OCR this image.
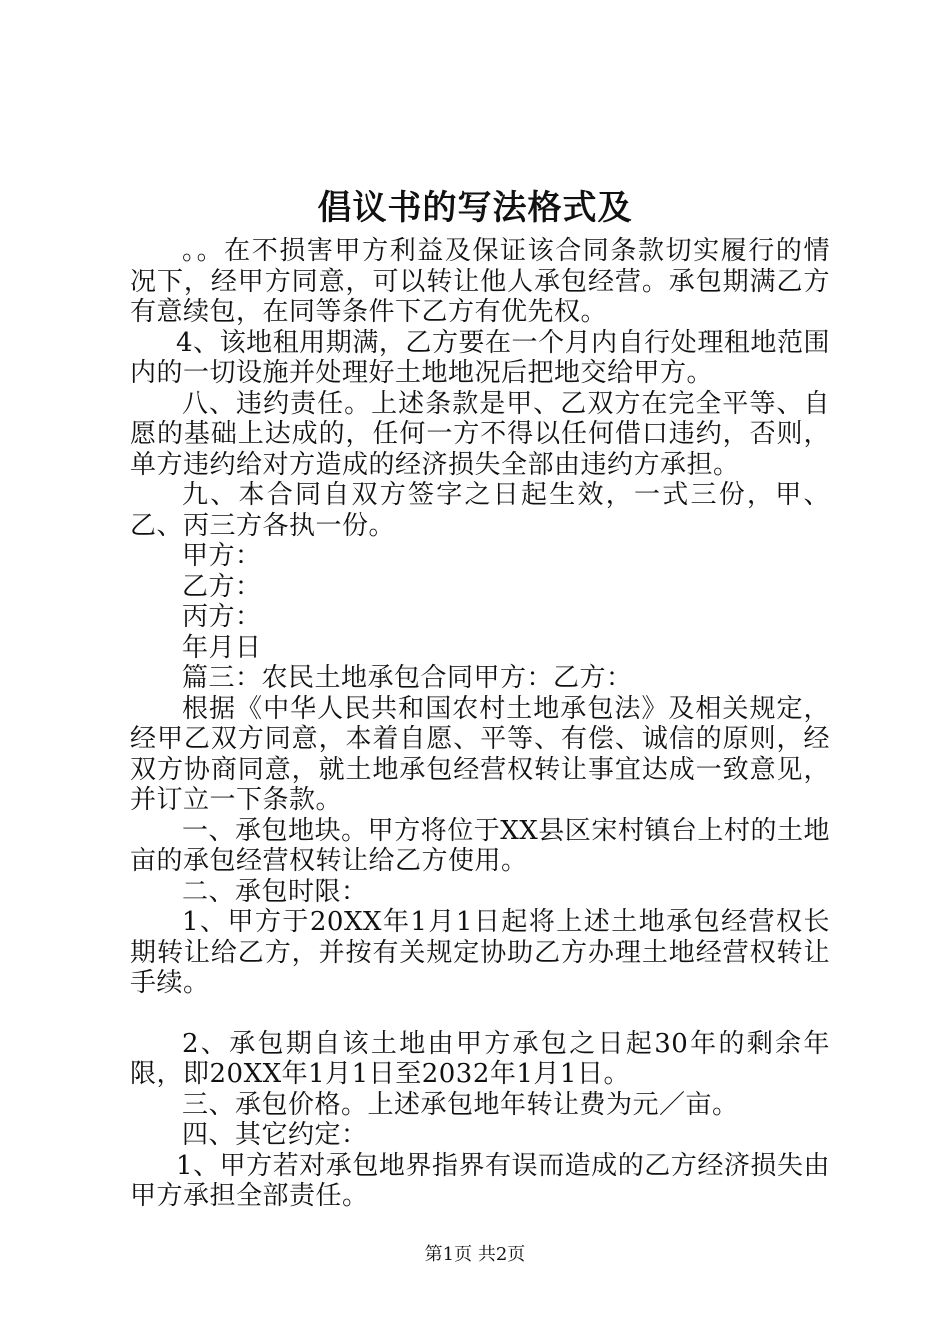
倡议书的写法格式及

。。在不损害甲方利益及保证该合同条款切实履行的情况下，经甲方同意，可以转让他人承包经营。承包期满乙方有意续包，在同等条件下乙方有优先权。

4、该地租用期满，乙方要在一个月内自行处理租地范围内的一切设施并处理好土地地况后把地交给甲方。

八、违约责任。上述条款是甲、乙双方在完全平等、自愿的基础上达成的，任何一方不得以任何借口违约，否则，单方违约给对方造成的经济损失全部由违约方承担。

九、本合同自双方签字之日起生效，一式三份，甲、乙、丙三方各执一份。

甲方：

乙方：

丙方：

年月日

篇三：农民土地承包合同甲方：乙方：

根据《中华人民共和国农村土地承包法》及相关规定，经甲乙双方同意，本着自愿、平等、有偿、诚信的原则，经双方协商同意，就土地承包经营权转让事宜达成一致意见，并订立一下条款。

一、承包地块。甲方将位于XX县区宋村镇台上村的土地亩的承包经营权转让给乙方使用。

二、承包时限：

1、甲方于20XX年1月1日起将上述土地承包经营权长期转让给乙方，并按有关规定协助乙方办理土地经营权转让手续。

2、承包期自该土地由甲方承包之日起30年的剩余年限，即20XX年1月1日至2032年1月1日。

三、承包价格。上述承包地年转让费为元／亩。

四、其它约定：

1、甲方若对承包地界指界有误而造成的乙方经济损失由甲方承担全部责任。

第1页 共2页
